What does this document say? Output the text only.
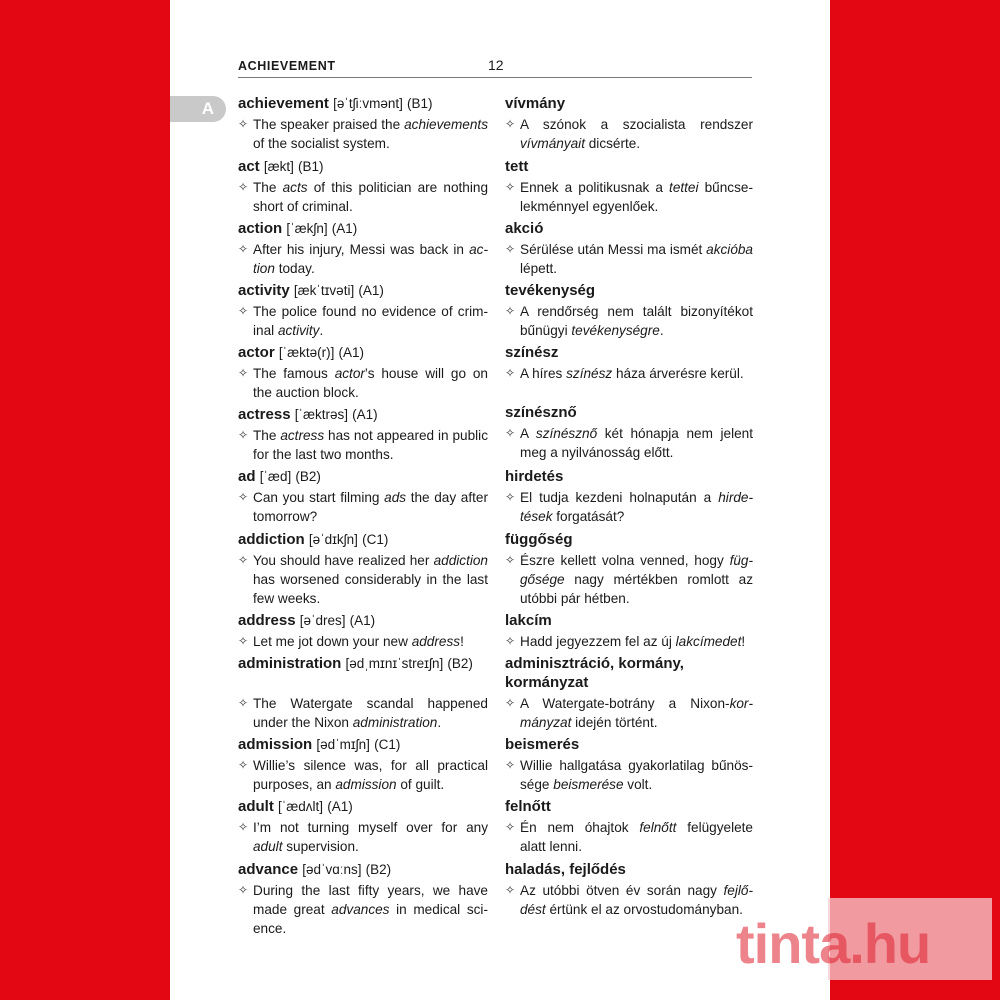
ACHIEVEMENT	12
A achievement [əˈtʃiːvmənt] (B1)
✧ The speaker praised the achievements of the socialist system.
vívmány
✧ A szónok a szocialista rendszer vívmányait dicsérte.
act [ækt] (B1)
✧ The acts of this politician are nothing short of criminal.
tett
✧ Ennek a politikusnak a tettei bűncselekménnyel egyenlőek.
action [ˈækʃn] (A1)
✧ After his injury, Messi was back in action today.
akció
✧ Sérülése után Messi ma ismét akcióba lépett.
activity [ækˈtɪvəti] (A1)
✧ The police found no evidence of criminal activity.
tevékenység
✧ A rendőrség nem talált bizonyítékot bűnügyi tevékenységre.
actor [ˈæktə(r)] (A1)
✧ The famous actor’s house will go on the auction block.
színész
✧ A híres színész háza árverésre kerül.
actress [ˈæktrəs] (A1)
✧ The actress has not appeared in public for the last two months.
színésznő
✧ A színésznő két hónapja nem jelent meg a nyilvánosság előtt.
ad [ˈæd] (B2)
✧ Can you start filming ads the day after tomorrow?
hirdetés
✧ El tudja kezdeni holnapután a hirdetések forgatását?
addiction [əˈdɪkʃn] (C1)
✧ You should have realized her addiction has worsened considerably in the last few weeks.
függőség
✧ Észre kellett volna venned, hogy függősége nagy mértékben romlott az utóbbi pár hétben.
address [əˈdres] (A1)
✧ Let me jot down your new address!
lakcím
✧ Hadd jegyezzem fel az új lakcímedet!
administration [ədˌmɪnɪˈstreɪʃn] (B2)
✧ The Watergate scandal happened under the Nixon administration.
adminisztráció, kormány, kormányzat
✧ A Watergate-botrány a Nixon-kormányzat idején történt.
admission [ədˈmɪʃn] (C1)
✧ Willie’s silence was, for all practical purposes, an admission of guilt.
beismerés
✧ Willie hallgatása gyakorlatilag bűnössége beismerése volt.
adult [ˈædʌlt] (A1)
✧ I’m not turning myself over for any adult supervision.
felnőtt
✧ Én nem óhajtok felnőtt felügyelete alatt lenni.
advance [ədˈvɑːns] (B2)
✧ During the last fifty years, we have made great advances in medical science.
haladás, fejlődés
✧ Az utóbbi ötven év során nagy fejlődést értünk el az orvostudományban.
tinta.hu
